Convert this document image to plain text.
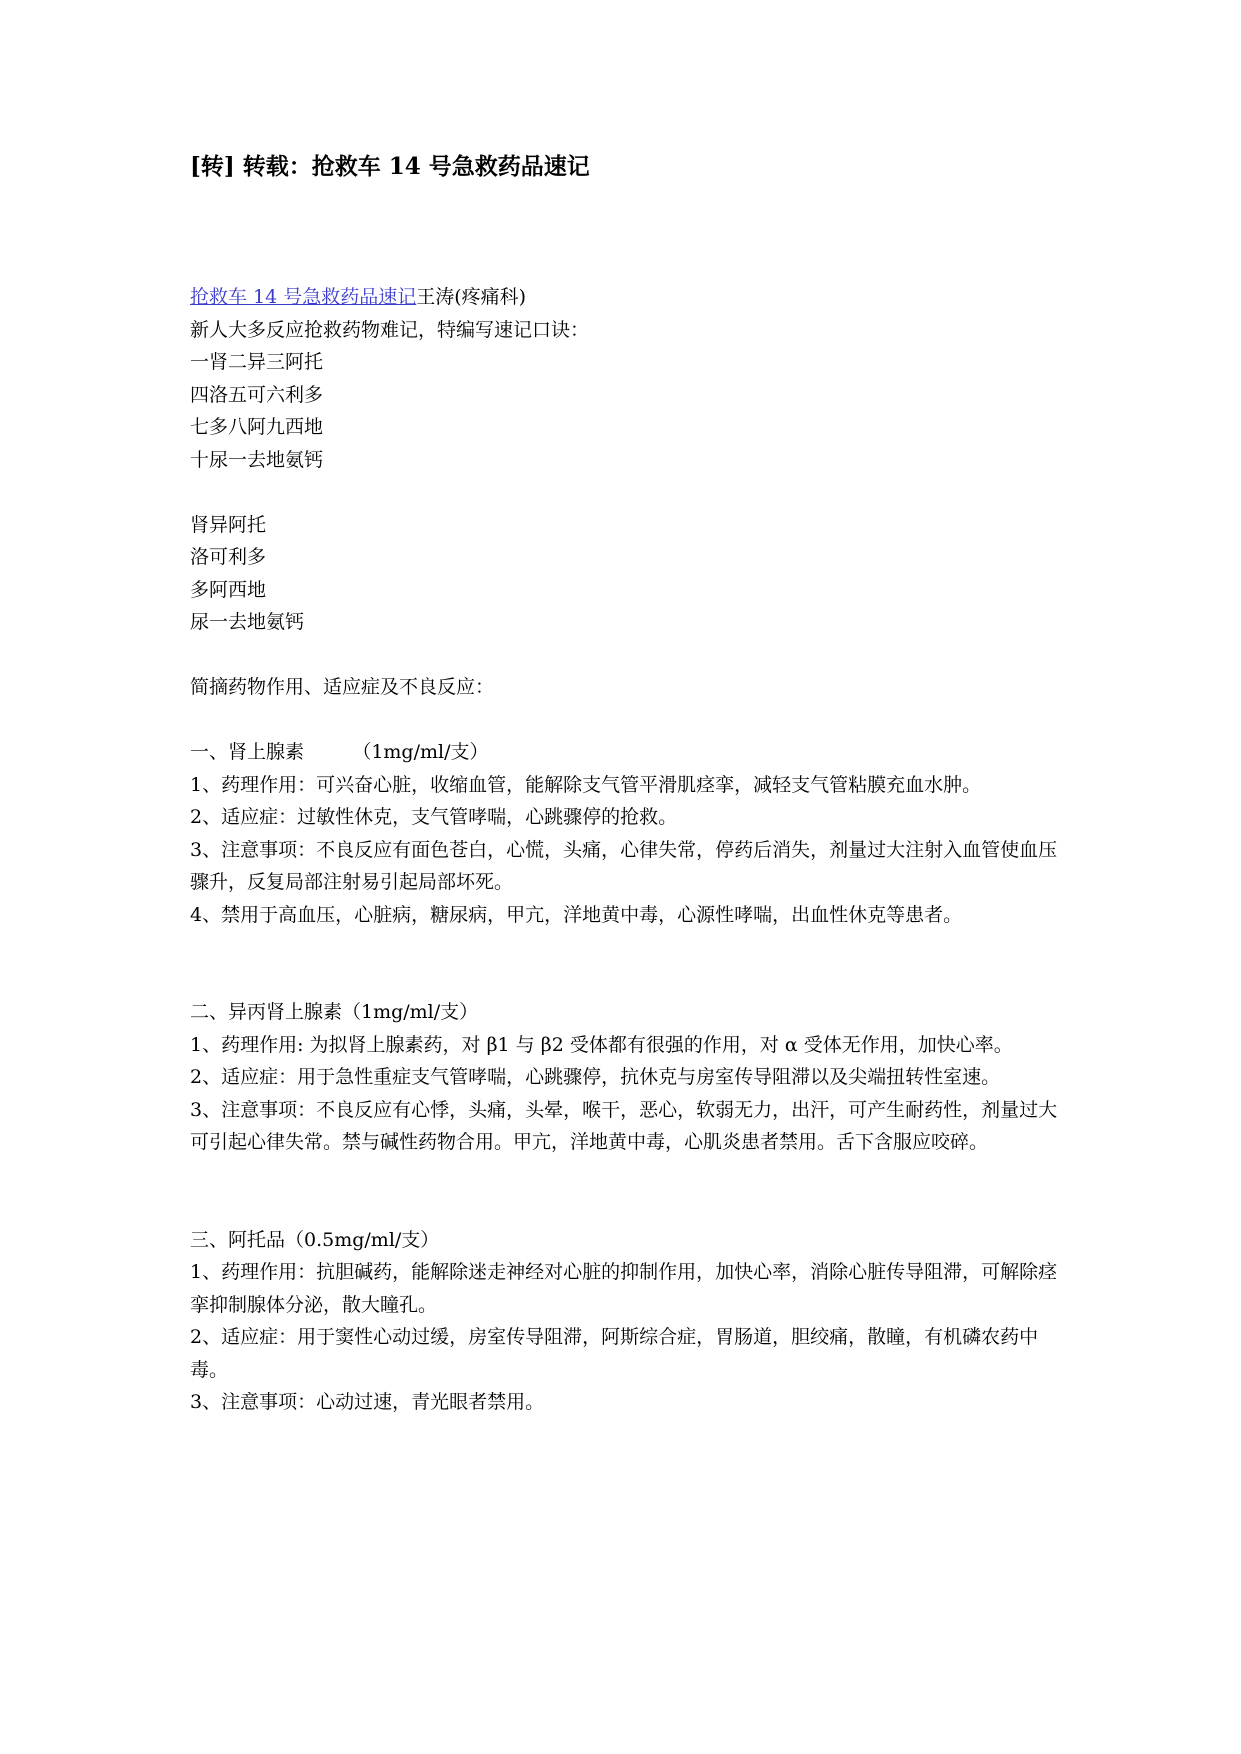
[转] 转载：抢救车 14 号急救药品速记

抢救车 14 号急救药品速记王涛(疼痛科)

新人大多反应抢救药物难记，特编写速记口诀：

一肾二异三阿托

四洛五可六利多

七多八阿九西地

十尿一去地氨钙

肾异阿托

洛可利多

多阿西地

尿一去地氨钙

简摘药物作用、适应症及不良反应：

一、肾上腺素        （1mg/ml/支）

1、药理作用：可兴奋心脏，收缩血管，能解除支气管平滑肌痉挛，减轻支气管粘膜充血水肿。

2、适应症：过敏性休克，支气管哮喘，心跳骤停的抢救。

3、注意事项：不良反应有面色苍白，心慌，头痛，心律失常，停药后消失，剂量过大注射入血管使血压骤升，反复局部注射易引起局部坏死。

4、禁用于高血压，心脏病，糖尿病，甲亢，洋地黄中毒，心源性哮喘，出血性休克等患者。

二、异丙肾上腺素（1mg/ml/支）

1、药理作用: 为拟肾上腺素药，对 β1 与 β2 受体都有很强的作用，对 α 受体无作用，加快心率。

2、适应症：用于急性重症支气管哮喘，心跳骤停，抗休克与房室传导阻滞以及尖端扭转性室速。

3、注意事项：不良反应有心悸，头痛，头晕，喉干，恶心，软弱无力，出汗，可产生耐药性，剂量过大可引起心律失常。禁与碱性药物合用。甲亢，洋地黄中毒，心肌炎患者禁用。舌下含服应咬碎。

三、阿托品（0.5mg/ml/支）

1、药理作用：抗胆碱药，能解除迷走神经对心脏的抑制作用，加快心率，消除心脏传导阻滞，可解除痉挛抑制腺体分泌，散大瞳孔。

2、适应症：用于窦性心动过缓，房室传导阻滞，阿斯综合症，胃肠道，胆绞痛，散瞳，有机磷农药中毒。

3、注意事项：心动过速，青光眼者禁用。
